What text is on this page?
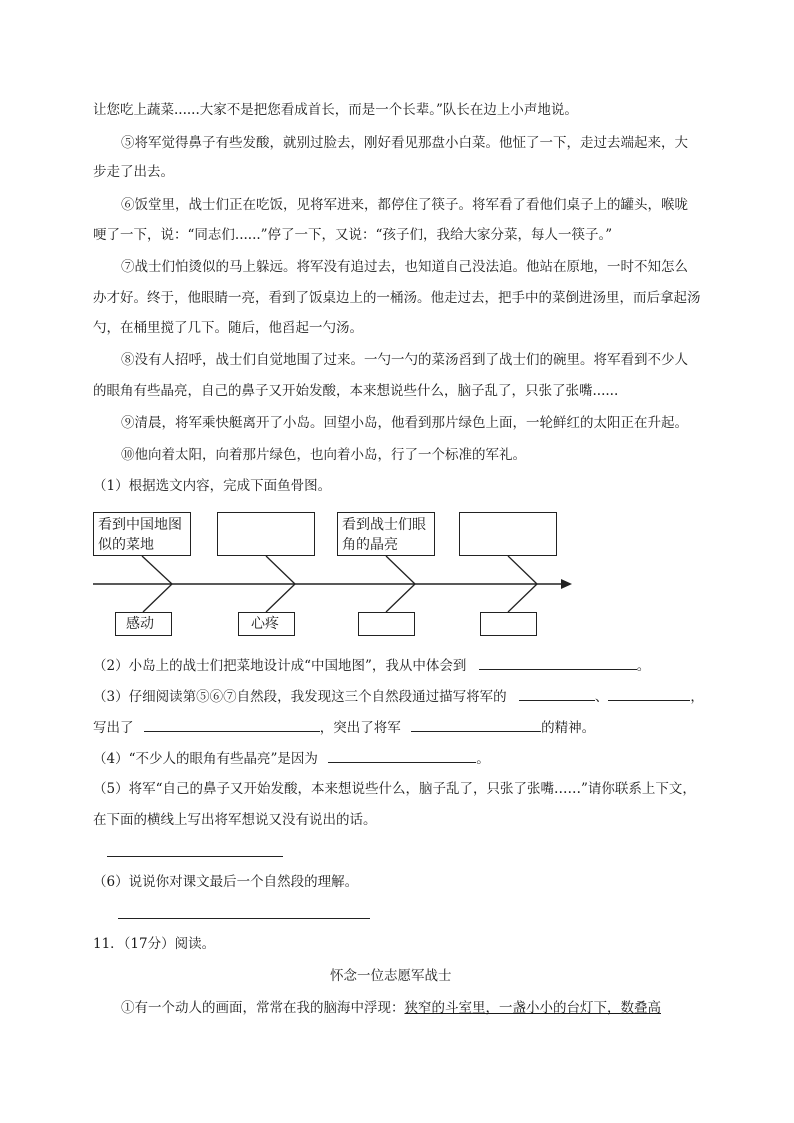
让您吃上蔬菜......大家不是把您看成首长，而是一个长辈。”队长在边上小声地说。
⑤将军觉得鼻子有些发酸，就别过脸去，刚好看见那盘小白菜。他怔了一下，走过去端起来，大
步走了出去。
⑥饭堂里，战士们正在吃饭，见将军进来，都停住了筷子。将军看了看他们桌子上的罐头，喉咙
哽了一下，说：“同志们......”停了一下，又说：“孩子们，我给大家分菜，每人一筷子。”
⑦战士们怕烫似的马上躲远。将军没有追过去，也知道自己没法追。他站在原地，一时不知怎么
办才好。终于，他眼睛一亮，看到了饭桌边上的一桶汤。他走过去，把手中的菜倒进汤里，而后拿起汤
勺，在桶里搅了几下。随后，他舀起一勺汤。
⑧没有人招呼，战士们自觉地围了过来。一勺一勺的菜汤舀到了战士们的碗里。将军看到不少人
的眼角有些晶亮，自己的鼻子又开始发酸，本来想说些什么，脑子乱了，只张了张嘴......
⑨清晨，将军乘快艇离开了小岛。回望小岛，他看到那片绿色上面，一轮鲜红的太阳正在升起。
⑩他向着太阳，向着那片绿色，也向着小岛，行了一个标准的军礼。
（1）根据选文内容，完成下面鱼骨图。
看到中国地图似的菜地
看到战士们眼角的晶亮
感动	心疼
（2）小岛上的战士们把菜地设计成“中国地图”，我从中体会到	。
（3）仔细阅读第⑤⑥⑦自然段，我发现这三个自然段通过描写将军的	、	，
写出了	，突出了将军	的精神。
（4）“不少人的眼角有些晶亮”是因为	。
（5）将军“自己的鼻子又开始发酸，本来想说些什么，脑子乱了，只张了张嘴……”请你联系上下文，
在下面的横线上写出将军想说又没有说出的话。
（6）说说你对课文最后一个自然段的理解。
11．（17分）阅读。
怀念一位志愿军战士
①有一个动人的画面，常常在我的脑海中浮现：狭窄的斗室里，一盏小小的台灯下，数叠高
